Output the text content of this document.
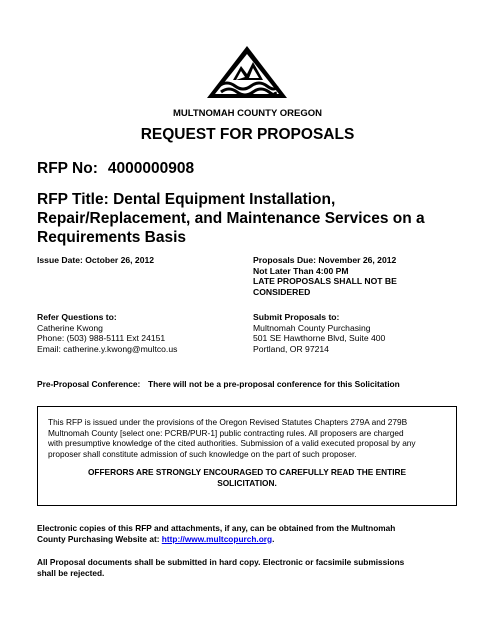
MULTNOMAH COUNTY OREGON
REQUEST FOR PROPOSALS
RFP No: 4000000908
RFP Title: Dental Equipment Installation,
Repair/Replacement, and Maintenance Services on a
Requirements Basis
Issue Date: October 26, 2012	Proposals Due: November 26, 2012
Not Later Than 4:00 PM
LATE PROPOSALS SHALL NOT BE
CONSIDERED
Refer Questions to:
Catherine Kwong
Phone: (503) 988-5111 Ext 24151
Email: catherine.y.kwong@multco.us
Submit Proposals to:
Multnomah County Purchasing
501 SE Hawthorne Blvd, Suite 400
Portland, OR 97214
Pre-Proposal Conference: There will not be a pre-proposal conference for this Solicitation
This RFP is issued under the provisions of the Oregon Revised Statutes Chapters 279A and 279B
Multnomah County [select one: PCRB/PUR-1] public contracting rules. All proposers are charged
with presumptive knowledge of the cited authorities. Submission of a valid executed proposal by any
proposer shall constitute admission of such knowledge on the part of such proposer.
OFFERORS ARE STRONGLY ENCOURAGED TO CAREFULLY READ THE ENTIRE
SOLICITATION.
Electronic copies of this RFP and attachments, if any, can be obtained from the Multnomah
County Purchasing Website at: http://www.multcopurch.org.
All Proposal documents shall be submitted in hard copy. Electronic or facsimile submissions
shall be rejected.
